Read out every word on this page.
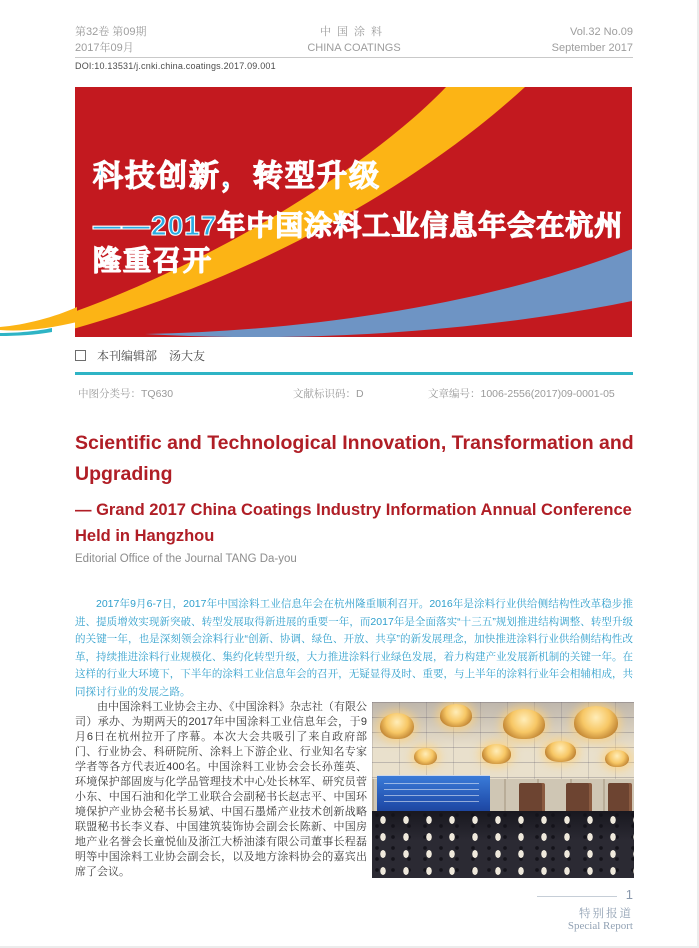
第32卷 第09期
2017年09月
中国涂料
CHINA COATINGS
Vol.32 No.09
September 2017
DOI:10.13531/j.cnki.china.coatings.2017.09.001
科技创新，转型升级
——2017年中国涂料工业信息年会在杭州
隆重召开
本刊编辑部 汤大友
中图分类号：TQ630	文献标识码：D	文章编号：1006-2556(2017)09-0001-05
Scientific and Technological Innovation, Transformation and Upgrading
— Grand 2017 China Coatings Industry Information Annual Conference Held in Hangzhou
Editorial Office of the Journal TANG Da-you
2017年9月6-7日，2017年中国涂料工业信息年会在杭州隆重顺利召开。2016年是涂料行业供给侧结构性改革稳步推进、提质增效实现新突破、转型发展取得新进展的重要一年，而2017年是全面落实“十三五”规划推进结构调整、转型升级的关键一年，也是深刻领会涂料行业“创新、协调、绿色、开放、共享”的新发展理念，加快推进涂料行业供给侧结构性改革，持续推进涂料行业规模化、集约化转型升级，大力推进涂料行业绿色发展，着力构建产业发展新机制的关键一年。在这样的行业大环境下，下半年的涂料工业信息年会的召开，无疑显得及时、重要，与上半年的涂料行业年会相辅相成，共同探讨行业的发展之路。
由中国涂料工业协会主办、《中国涂料》杂志社（有限公司）承办、为期两天的2017年中国涂料工业信息年会，于9月6日在杭州拉开了序幕。本次大会共吸引了来自政府部门、行业协会、科研院所、涂料上下游企业、行业知名专家学者等各方代表近400名。中国涂料工业协会会长孙莲英、环境保护部固废与化学品管理技术中心处长林军、研究员菅小东、中国石油和化学工业联合会副秘书长赵志平、中国环境保护产业协会秘书长易斌、中国石墨烯产业技术创新战略联盟秘书长李义春、中国建筑装饰协会副会长陈新、中国房地产业名誉会长童悦仙及浙江大桥油漆有限公司董事长程磊明等中国涂料工业协会副会长，以及地方涂料协会的嘉宾出席了会议。
1
特别报道
Special Report
